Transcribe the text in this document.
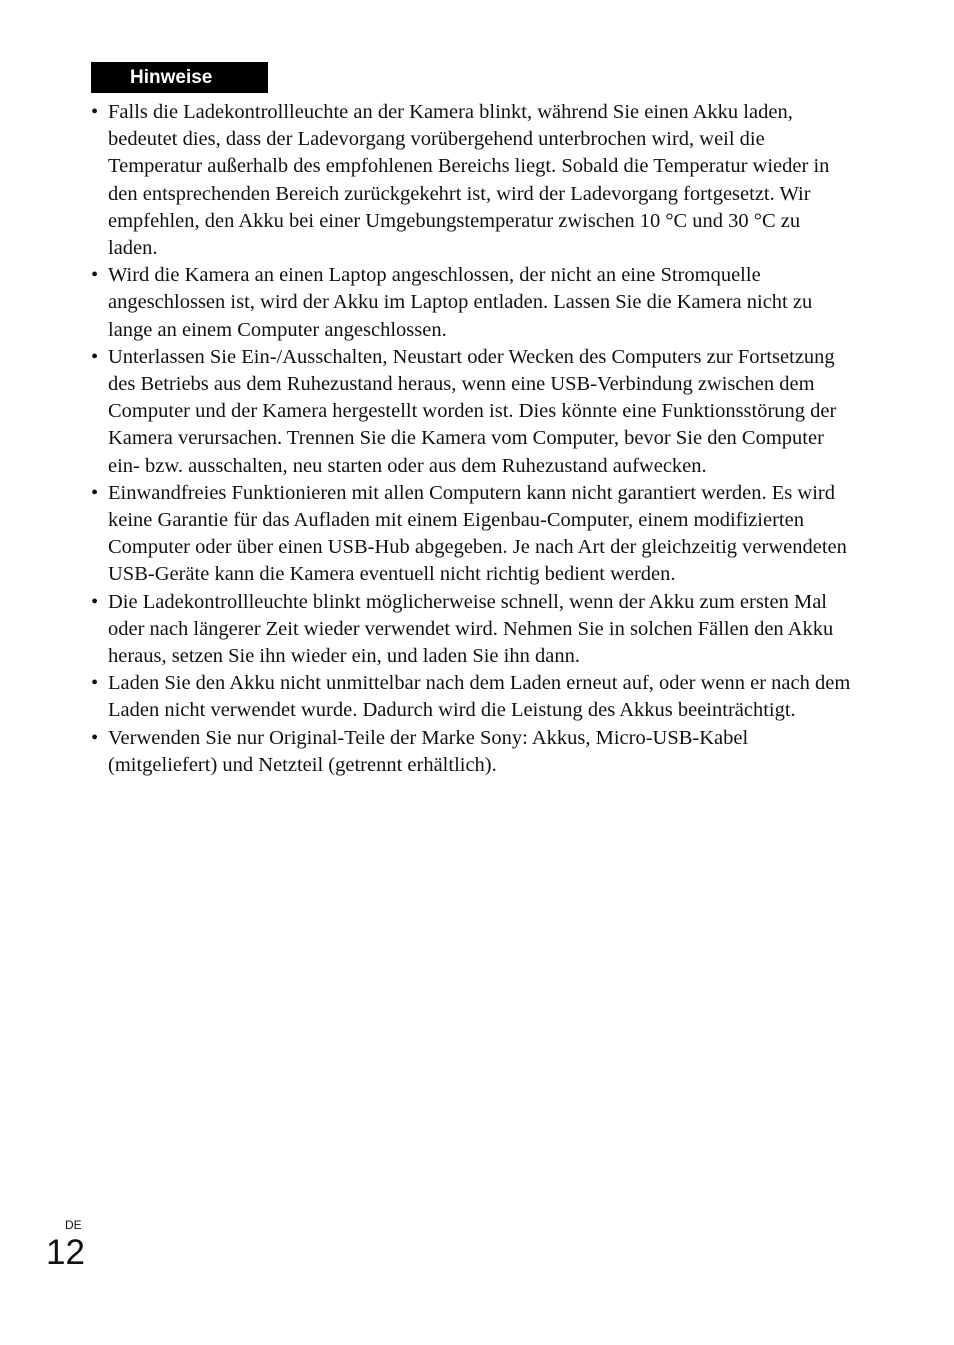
Hinweise
• Falls die Ladekontrollleuchte an der Kamera blinkt, während Sie einen Akku laden, bedeutet dies, dass der Ladevorgang vorübergehend unterbrochen wird, weil die Temperatur außerhalb des empfohlenen Bereichs liegt. Sobald die Temperatur wieder in den entsprechenden Bereich zurückgekehrt ist, wird der Ladevorgang fortgesetzt. Wir empfehlen, den Akku bei einer Umgebungstemperatur zwischen 10 °C und 30 °C zu laden.
• Wird die Kamera an einen Laptop angeschlossen, der nicht an eine Stromquelle angeschlossen ist, wird der Akku im Laptop entladen. Lassen Sie die Kamera nicht zu lange an einem Computer angeschlossen.
• Unterlassen Sie Ein-/Ausschalten, Neustart oder Wecken des Computers zur Fortsetzung des Betriebs aus dem Ruhezustand heraus, wenn eine USB-Verbindung zwischen dem Computer und der Kamera hergestellt worden ist. Dies könnte eine Funktionsstörung der Kamera verursachen. Trennen Sie die Kamera vom Computer, bevor Sie den Computer ein- bzw. ausschalten, neu starten oder aus dem Ruhezustand aufwecken.
• Einwandfreies Funktionieren mit allen Computern kann nicht garantiert werden. Es wird keine Garantie für das Aufladen mit einem Eigenbau-Computer, einem modifizierten Computer oder über einen USB-Hub abgegeben. Je nach Art der gleichzeitig verwendeten USB-Geräte kann die Kamera eventuell nicht richtig bedient werden.
• Die Ladekontrollleuchte blinkt möglicherweise schnell, wenn der Akku zum ersten Mal oder nach längerer Zeit wieder verwendet wird. Nehmen Sie in solchen Fällen den Akku heraus, setzen Sie ihn wieder ein, und laden Sie ihn dann.
• Laden Sie den Akku nicht unmittelbar nach dem Laden erneut auf, oder wenn er nach dem Laden nicht verwendet wurde. Dadurch wird die Leistung des Akkus beeinträchtigt.
• Verwenden Sie nur Original-Teile der Marke Sony: Akkus, Micro-USB-Kabel (mitgeliefert) und Netzteil (getrennt erhältlich).
DE
12
